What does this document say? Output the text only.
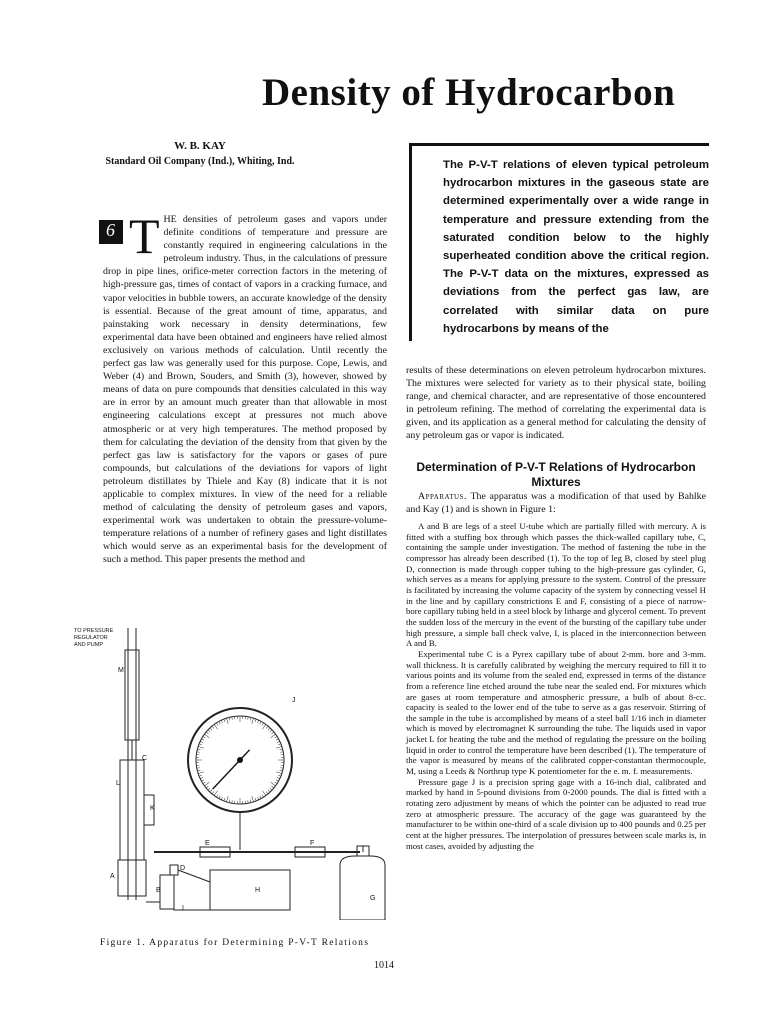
Density of Hydrocarbon
W. B. KAY
Standard Oil Company (Ind.), Whiting, Ind.	The P-V-T relations of eleven typical petroleum hydrocarbon mixtures in the gaseous state are determined experimentally over a wide range in temperature and pressure extending from the saturated condition below to the highly superheated condition above the critical region. The P-V-T data on the mixtures, expressed as deviations from the perfect gas law, are correlated with similar data on pure hydrocarbons by means of the

6 THE densities of petroleum gases and vapors under definite conditions of temperature and pressure are constantly required in engineering calculations in the petroleum industry. Thus, in the calculations of pressure drop in pipe lines, orifice-meter correction factors in the metering of high-pressure gas, times of contact of vapors in a cracking furnace, and vapor velocities in bubble towers, an accurate knowledge of the density is essential. Because of the great amount of time, apparatus, and painstaking work necessary in density determinations, few experimental data have been obtained and engineers have relied almost exclusively on various methods of calculation. Until recently the perfect gas law was generally used for this purpose. Cope, Lewis, and Weber (4) and Brown, Souders, and Smith (3), however, showed by means of data on pure compounds that densities calculated in this way are in error by an amount much greater than that allowable in most engineering calculations except at pressures not much above atmospheric or at very high temperatures. The method proposed by them for calculating the deviation of the density from that given by the perfect gas law is satisfactory for the vapors or gases of pure compounds, but calculations of the deviations for vapors of light petroleum distillates by Thiele and Kay (8) indicate that it is not applicable to complex mixtures. In view of the need for a reliable method of calculating the density of petroleum gases and vapors, experimental work was undertaken to obtain the pressure-volume-temperature relations of a number of refinery gases and light distillates which would serve as an experimental basis for the development of such a method. This paper presents the method and

results of these determinations on eleven petroleum hydrocarbon mixtures. The mixtures were selected for variety as to their physical state, boiling range, and chemical character, and are representative of those encountered in petroleum refining. The method of correlating the experimental data is given, and its application as a general method for calculating the density of any petroleum gas or vapor is indicated.

Determination of P-V-T Relations of Hydrocarbon Mixtures

Apparatus. The apparatus was a modification of that used by Bahlke and Kay (1) and is shown in Figure 1:

A and B are legs of a steel U-tube which are partially filled with mercury. A is fitted with a stuffing box through which passes the thick-walled capillary tube, C, containing the sample under investigation. The method of fastening the tube in the compressor has already been described (1). To the top of leg B, closed by steel plug D, connection is made through copper tubing to the high-pressure gas cylinder, G, which serves as a means for applying pressure to the system. Control of the pressure is facilitated by increasing the volume capacity of the system by connecting vessel H in the line and by capillary constrictions E and F, consisting of a piece of narrow-bore capillary tubing held in a steel block by litharge and glycerol cement. To prevent the sudden loss of the mercury in the event of the bursting of the capillary tube under high pressure, a simple ball check valve, I, is placed in the interconnection between A and B.

Experimental tube C is a Pyrex capillary tube of about 2-mm. bore and 3-mm. wall thickness. It is carefully calibrated by weighing the mercury required to fill it to various points and its volume from the sealed end, expressed in terms of the distance from a reference line etched around the tube near the sealed end. For mixtures which are gases at room temperature and atmospheric pressure, a bulb of about 8-cc. capacity is sealed to the lower end of the tube to serve as a gas reservoir. Stirring of the sample in the tube is accomplished by means of a steel ball 1/16 inch in diameter which is moved by electromagnet K surrounding the tube. The liquids used in vapor jacket L for heating the tube and the method of regulating the pressure on the boiling liquid in order to control the temperature have been described (1). The temperature of the vapor is measured by means of the calibrated copper-constantan thermocouple, M, using a Leeds & Northrup type K potentiometer for the e. m. f. measurements.

Pressure gage J is a precision spring gage with a 16-inch dial, calibrated and marked by hand in 5-pound divisions from 0-2000 pounds. The dial is fitted with a rotating zero adjustment by means of which the pointer can be adjusted to read true zero at atmospheric pressure. The accuracy of the gage was guaranteed by the manufacturer to be within one-third of a scale division up to 400 pounds and 0.25 per cent at the higher pressures. The interpolation of pressures between scale marks is, in most cases, avoided by adjusting the

TO PRESSURE
REGULATOR
AND PUMP
M
C
L
K
J
E	F
A
B
D
I
H
G
Figure 1. Apparatus for Determining P-V-T Relations
1014
